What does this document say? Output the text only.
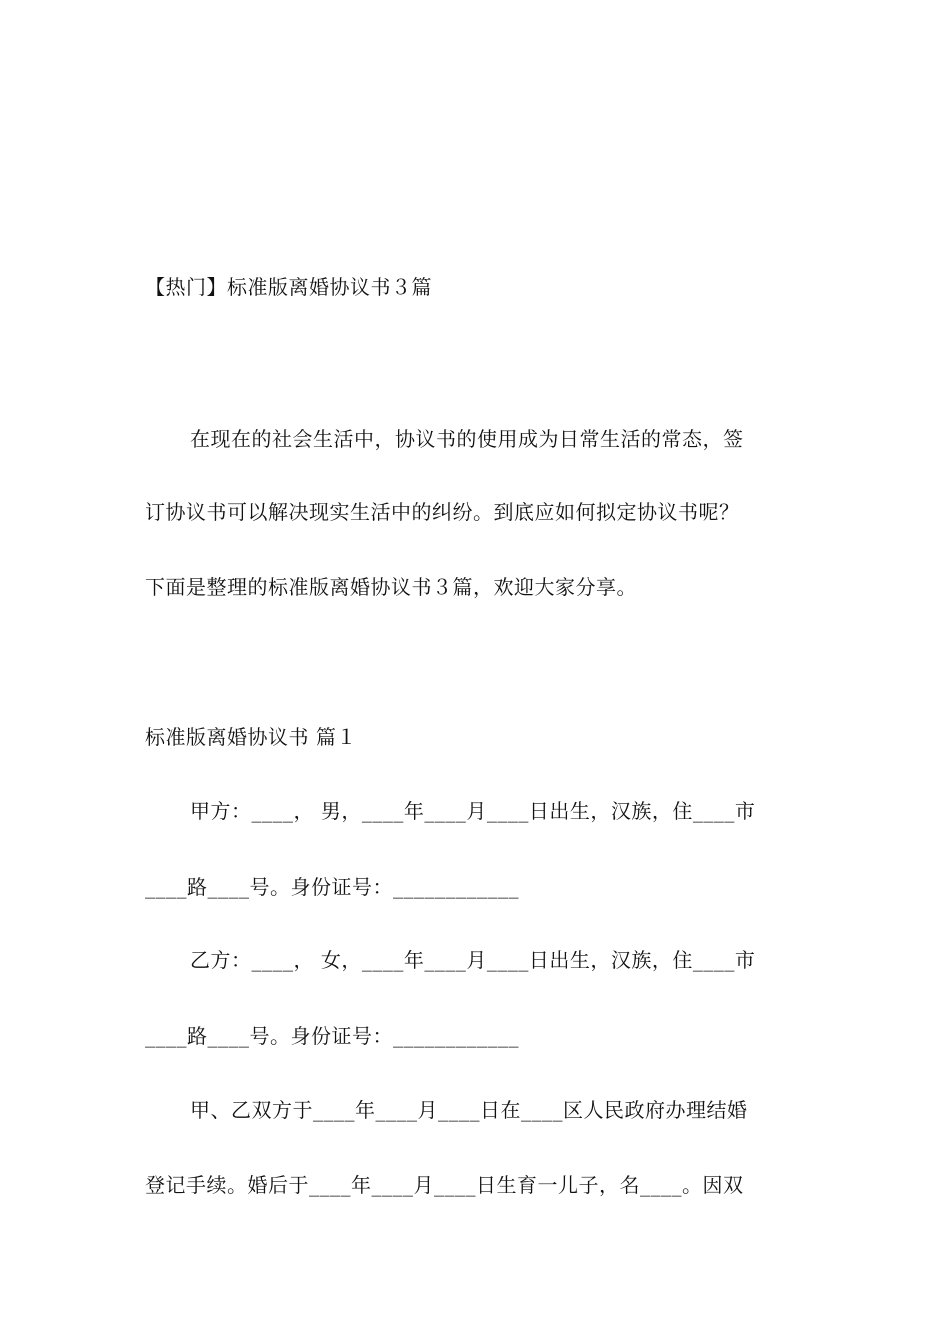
【热门】标准版离婚协议书３篇
在现在的社会生活中，协议书的使用成为日常生活的常态，签
订协议书可以解决现实生活中的纠纷。到底应如何拟定协议书呢？
下面是整理的标准版离婚协议书３篇，欢迎大家分享。
标准版离婚协议书 篇１
甲方：____， 男，____年____月____日出生，汉族，住____市
____路____号。身份证号：____________
乙方：____， 女，____年____月____日出生，汉族，住____市
____路____号。身份证号：____________
甲、乙双方于____年____月____日在____区人民政府办理结婚
登记手续。婚后于____年____月____日生育一儿子，名____。因双
